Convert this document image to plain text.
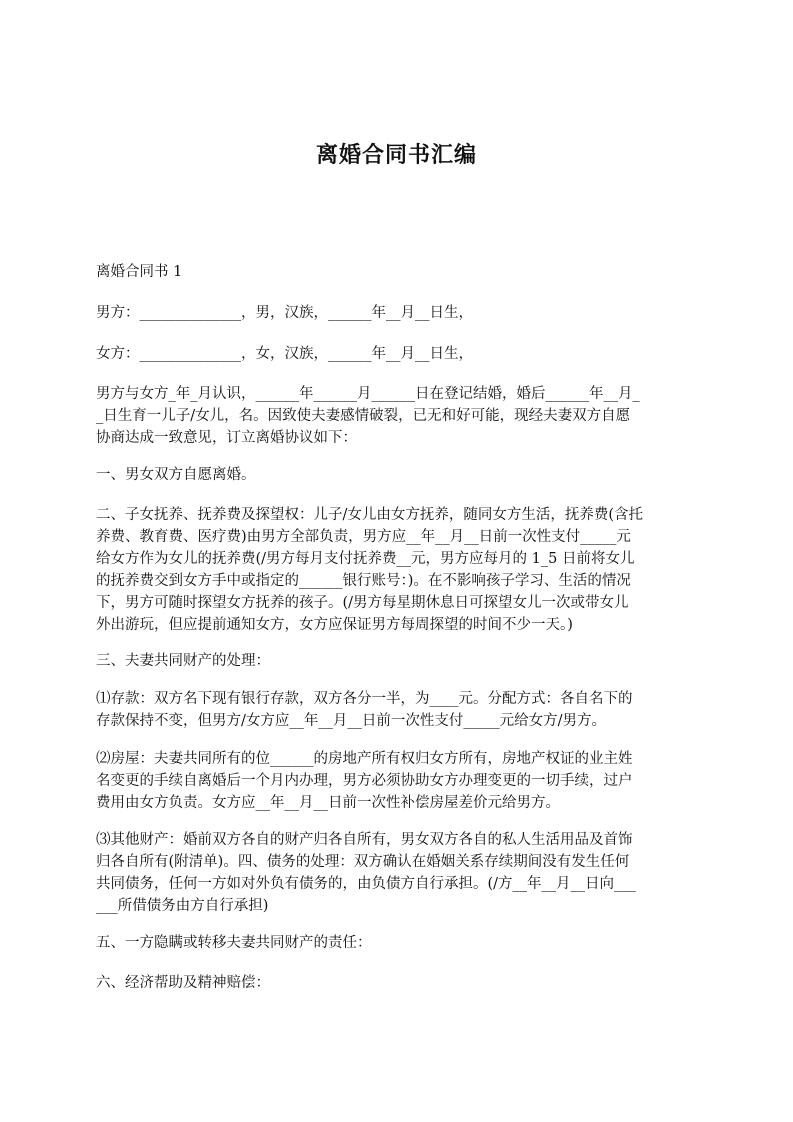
离婚合同书汇编
离婚合同书 1
男方：______________，男，汉族，______年__月__日生，
女方：______________，女，汉族，______年__月__日生，
男方与女方_年_月认识，______年______月______日在登记结婚，婚后______年__月_
_日生育一儿子/女儿，名。因致使夫妻感情破裂，已无和好可能，现经夫妻双方自愿
协商达成一致意见，订立离婚协议如下：
一、男女双方自愿离婚。
二、子女抚养、抚养费及探望权：儿子/女儿由女方抚养，随同女方生活，抚养费(含托
养费、教育费、医疗费)由男方全部负责，男方应__年__月__日前一次性支付_____元
给女方作为女儿的抚养费(/男方每月支付抚养费__元，男方应每月的 1_5 日前将女儿
的抚养费交到女方手中或指定的______银行账号：)。在不影响孩子学习、生活的情况
下，男方可随时探望女方抚养的孩子。(/男方每星期休息日可探望女儿一次或带女儿
外出游玩，但应提前通知女方，女方应保证男方每周探望的时间不少一天。)
三、夫妻共同财产的处理：
⑴存款：双方名下现有银行存款，双方各分一半，为____元。分配方式：各自名下的
存款保持不变，但男方/女方应__年__月__日前一次性支付_____元给女方/男方。
⑵房屋：夫妻共同所有的位______的房地产所有权归女方所有，房地产权证的业主姓
名变更的手续自离婚后一个月内办理，男方必须协助女方办理变更的一切手续，过户
费用由女方负责。女方应__年__月__日前一次性补偿房屋差价元给男方。
⑶其他财产：婚前双方各自的财产归各自所有，男女双方各自的私人生活用品及首饰
归各自所有(附清单)。四、债务的处理：双方确认在婚姻关系存续期间没有发生任何
共同债务，任何一方如对外负有债务的，由负债方自行承担。(/方__年__月__日向___
___所借债务由方自行承担)
五、一方隐瞒或转移夫妻共同财产的责任：
六、经济帮助及精神赔偿：
